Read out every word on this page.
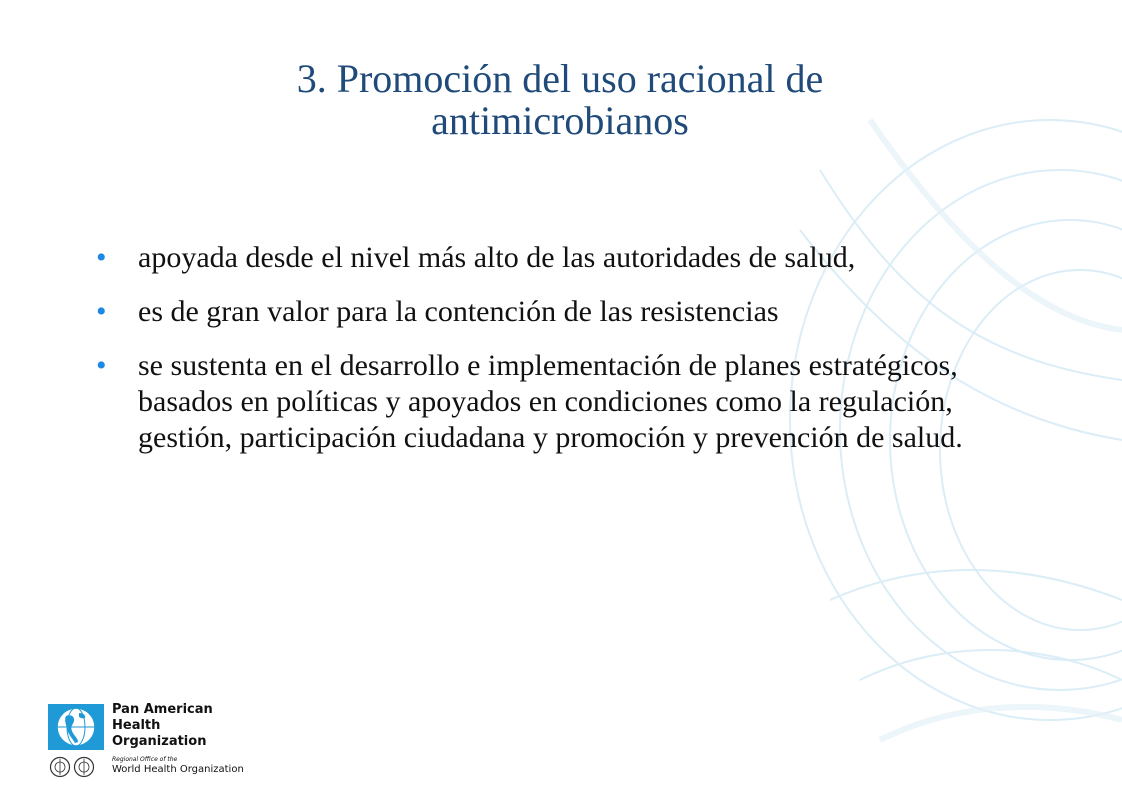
3. Promoción del uso racional de
antimicrobianos
• apoyada desde el nivel más alto de las autoridades de salud,
• es de gran valor para la contención de las resistencias
• se sustenta en el desarrollo e implementación de planes estratégicos, basados en políticas y apoyados en condiciones como la regulación, gestión, participación ciudadana y promoción y prevención de salud.
Pan American
Health
Organization
Regional Office of the
World Health Organization
